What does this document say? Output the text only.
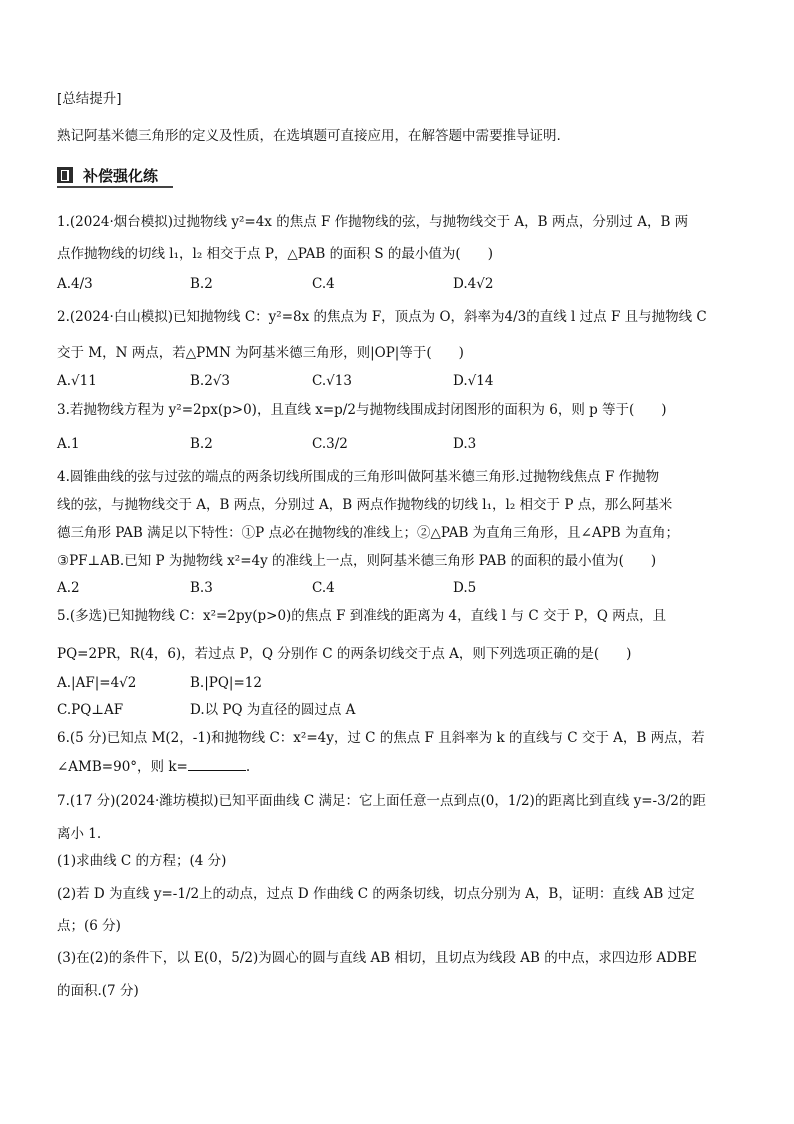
[总结提升]
熟记阿基米德三角形的定义及性质，在选填题可直接应用，在解答题中需要推导证明.
补偿强化练
1.(2024·烟台模拟)过抛物线 y²=4x 的焦点 F 作抛物线的弦，与抛物线交于 A，B 两点，分别过 A，B 两
点作抛物线的切线 l₁，l₂ 相交于点 P，△PAB 的面积 S 的最小值为(　　)
A.4/3	B.2	C.4	D.4√2
2.(2024·白山模拟)已知抛物线 C：y²=8x 的焦点为 F，顶点为 O，斜率为4/3的直线 l 过点 F 且与抛物线 C
交于 M，N 两点，若△PMN 为阿基米德三角形，则|OP|等于(　　)
A.√11	B.2√3	C.√13	D.√14
3.若抛物线方程为 y²=2px(p>0)，且直线 x=p/2与抛物线围成封闭图形的面积为 6，则 p 等于(　　)
A.1	B.2	C.3/2	D.3
4.圆锥曲线的弦与过弦的端点的两条切线所围成的三角形叫做阿基米德三角形.过抛物线焦点 F 作抛物
线的弦，与抛物线交于 A，B 两点，分别过 A，B 两点作抛物线的切线 l₁，l₂ 相交于 P 点，那么阿基米
德三角形 PAB 满足以下特性：①P 点必在抛物线的准线上；②△PAB 为直角三角形，且∠APB 为直角；
③PF⊥AB.已知 P 为抛物线 x²=4y 的准线上一点，则阿基米德三角形 PAB 的面积的最小值为(　　)
A.2	B.3	C.4	D.5
5.(多选)已知抛物线 C：x²=2py(p>0)的焦点 F 到准线的距离为 4，直线 l 与 C 交于 P，Q 两点，且
PQ=2PR，R(4，6)，若过点 P，Q 分别作 C 的两条切线交于点 A，则下列选项正确的是(　　)
A.|AF|=4√2	B.|PQ|=12
C.PQ⊥AF	D.以 PQ 为直径的圆过点 A
6.(5 分)已知点 M(2，-1)和抛物线 C：x²=4y，过 C 的焦点 F 且斜率为 k 的直线与 C 交于 A，B 两点，若
∠AMB=90°，则 k=	.
7.(17 分)(2024·潍坊模拟)已知平面曲线 C 满足：它上面任意一点到点(0，1/2)的距离比到直线 y=-3/2的距
离小 1.
(1)求曲线 C 的方程；(4 分)
(2)若 D 为直线 y=-1/2上的动点，过点 D 作曲线 C 的两条切线，切点分别为 A，B，证明：直线 AB 过定
点；(6 分)
(3)在(2)的条件下，以 E(0，5/2)为圆心的圆与直线 AB 相切，且切点为线段 AB 的中点，求四边形 ADBE
的面积.(7 分)
